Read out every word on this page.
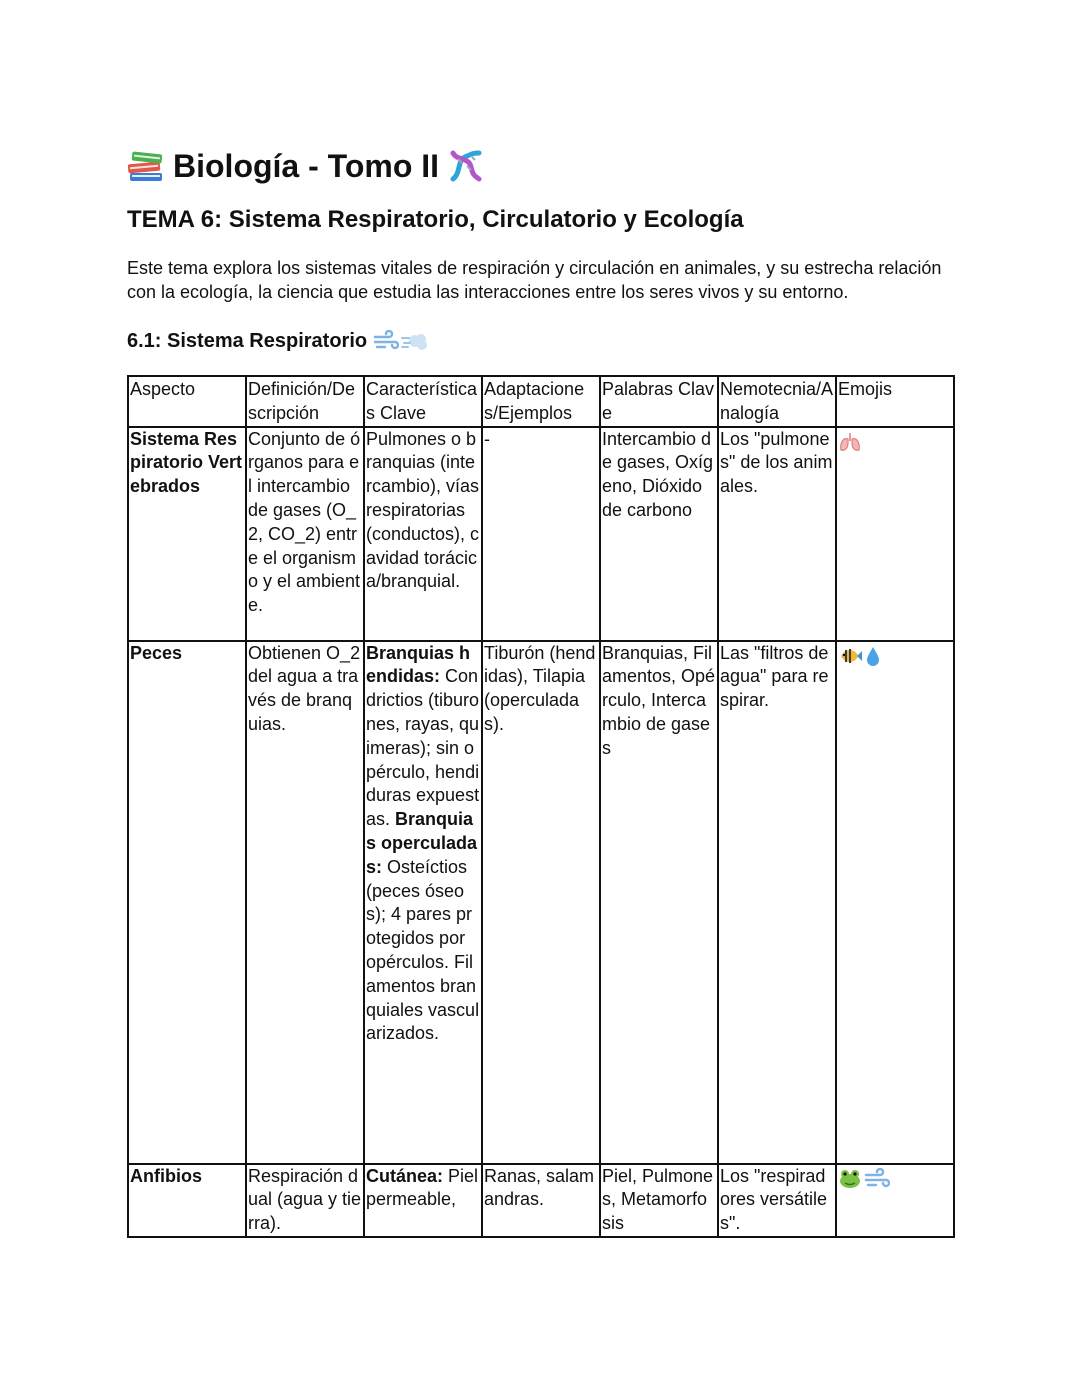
Biología - Tomo II
TEMA 6: Sistema Respiratorio, Circulatorio y Ecología

Este tema explora los sistemas vitales de respiración y circulación en animales, y su estrecha relación con la ecología, la ciencia que estudia las interacciones entre los seres vivos y su entorno.

6.1: Sistema Respiratorio
Aspecto	Definición/Descripción	Características Clave	Adaptaciones/Ejemplos	Palabras Clave	Nemotecnia/Analogía	Emojis
Sistema Respiratorio Vertebrados	Conjunto de órganos para el intercambio de gases (O_2, CO_2) entre el organismo y el ambiente.	Pulmones o branquias (intercambio), vías respiratorias (conductos), cavidad torácica/branquial.	-	Intercambio de gases, Oxígeno, Dióxido de carbono	Los "pulmones" de los animales.	

Peces	Obtienen O_2 del agua a través de branquias.	Branquias hendidas: Condrictios (tiburones, rayas, quimeras); sin opérculo, hendiduras expuestas. Branquias operculadas: Osteíctios (peces óseos); 4 pares protegidos por opérculos. Filamentos branquiales vascularizados.	Tiburón (hendidas), Tilapia (operculadas).	Branquias, Filamentos, Opérculo, Intercambio de gases	Las "filtros de agua" para respirar.	

Anfibios	Respiración dual (agua y tierra).	Cutánea: Piel permeable,	Ranas, salamandras.	Piel, Pulmones, Metamorfosis	Los "respiradores versátiles".	
